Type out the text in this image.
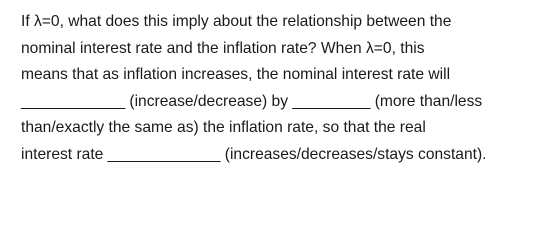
If λ=0, what does this imply about the relationship between the
nominal interest rate and the inflation rate? When λ=0, this
means that as inflation increases, the nominal interest rate will
____________ (increase/decrease) by _________ (more than/less
than/exactly the same as) the inflation rate, so that the real
interest rate _____________ (increases/decreases/stays constant).
